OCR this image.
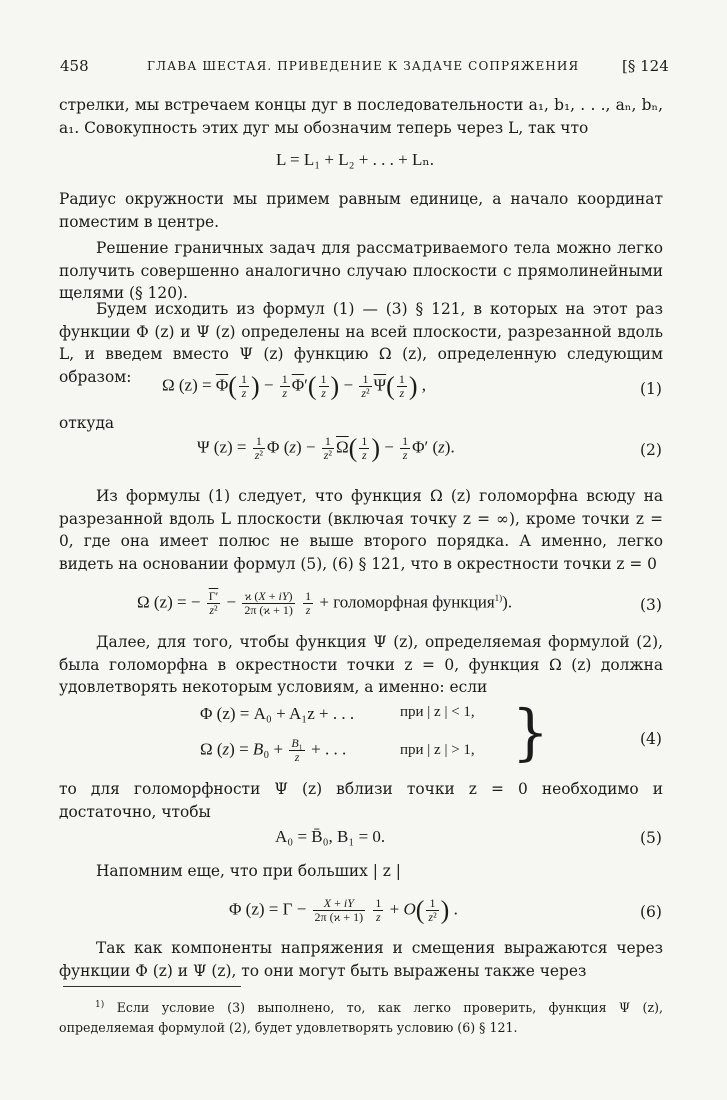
458	ГЛАВА ШЕСТАЯ. ПРИВЕДЕНИЕ К ЗАДАЧЕ СОПРЯЖЕНИЯ	[§ 124

стрелки, мы встречаем концы дуг в последовательности a₁, b₁, . . ., aₙ, bₙ, a₁. Совокупность этих дуг мы обозначим теперь через L, так что

L = L₁ + L₂ + . . . + Lₙ.

Радиус окружности мы примем равным единице, а начало координат поместим в центре.

Решение граничных задач для рассматриваемого тела можно легко получить совершенно аналогично случаю плоскости с прямолинейными щелями (§ 120).

Будем исходить из формул (1) — (3) § 121, в которых на этот раз функции Φ (z) и Ψ (z) определены на всей плоскости, разрезанной вдоль L, и введем вместо Ψ (z) функцию Ω (z), определенную следующим образом:	Ω $(z) = \overline{\Phi}( \frac{1}{z}$ ) − $\frac{1}{z} \overline{\Phi}'( \frac{1}{z}$ ) − $\frac{1}{\text{z²}} \overline{\Psi}( \frac{1}{z}$ ) ,	(1)

откуда

Ψ $(z) = \frac{1}{\text{z²}}$ Φ $(z) - \frac{1}{\text{z²}} \overline{\Omega}( \frac{1}{z}$ ) − $\frac{1}{z} \Phi'$ (z).	(2)

Из формулы (1) следует, что функция Ω (z) голоморфна всюду на разрезанной вдоль L плоскости (включая точку z = ∞), кроме точки z = 0, где она имеет полюс не выше второго порядка. А именно, легко видеть на основании формул (5), (6) § 121, что в окрестности точки z = 0

Ω (z) = − $\frac{\Gamma'}{\text{z²}} - \frac{ϰ (X + iY)}{2\pi (ϰ + 1)}$
$\frac{1}{z}$ + голоморфная функция$^{1)}$).	(3)

Далее, для того, чтобы функция Ψ (z), определяемая формулой (2), была голоморфна в окрестности точки z = 0, функция Ω (z) должна удовлетворять некоторым условиям, а именно: если

Φ (z) = A₀ + A₁z + . . .	при | z | < 1,
Ω $(z) = B_0 + \frac{\text{B₁}}{z}$ + . . .	при | z | > 1, }	(4)

то для голоморфности Ψ (z) вблизи точки z = 0 необходимо и достаточно, чтобы

A₀ = B̄₀, B₁ = 0.	(5)

Напомним еще, что при больших | z |

Φ $(z) = \Gamma - \frac{X + iY}{2\pi (ϰ + 1)}$
$\frac{1}{z} + O( \frac{1}{\text{z²}}$ ) .	(6)

Так как компоненты напряжения и смещения выражаются через функции Φ (z) и Ψ (z), то они могут быть выражены также через

$^{1)}$ Если условие (3) выполнено, то, как легко проверить, функция Ψ (z), определяемая формулой (2), будет удовлетворять условию (6) § 121.
